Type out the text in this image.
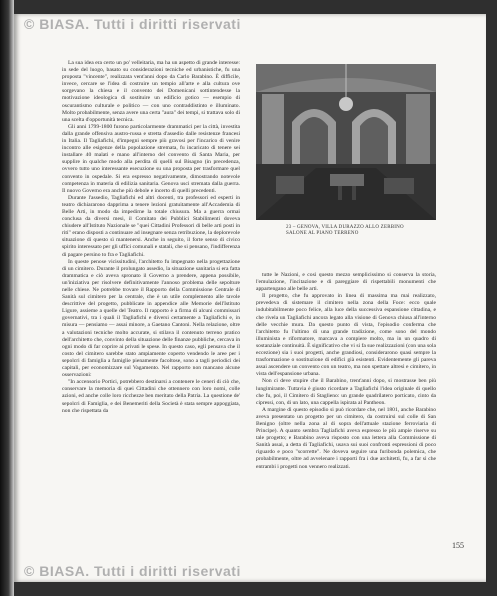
© BIASA. Tutti i diritti riservati

La sua idea era certo un po' velleitaria, ma ha un aspetto di grande interesse: in sede del luogo, basato su considerazioni tecniche ed urbanistiche, fu una proposta "vincente", realizzata vent'anni dopo da Carlo Barabino. È difficile, invece, cercare se l'idea di costruire un tempio all'arte e alla cultura ove sorgevano la chiesa e il convento dei Domenicani sottintendesse la motivazione ideologica di sostituire un edificio gotico — esempio di oscurantismo culturale e politico — con uno contraddistinto e illuminato. Molto probabilmente, senza avere una certa "aura" dei tempi, si trattava solo di una scelta d'opportunità tecnica.

Gli anni 1799-1800 furono particolarmente drammatici per la città, investita dalla grande offensiva austro-russa e stretta d'assedio dalle resistenze francesi in Italia. Il Tagliafichi, d'impegni sempre più gravosi per l'incarico di venire incontro alle esigenze della popolazione stremata, fu incaricato di tenere sei installare 40 malati e mano all'interno del convento di Santa Maria, per supplire in qualche modo alla perdita di quelli sul Bisagno (in precedenza, ovvero tutto uno interessante esecuzione su una proposta per trasformare quel convento in ospedale. Si era espresso negativamente, dimostrando notevole competenza in materia di edilizia sanitaria. Genova usci stremata dalla guerra. Il nuovo Governo era anche più debole e incerto di quelli precedenti.

Durante l'assedio, Tagliafichi ed altri docenti, tra professori ed esperti in teatro dichiararono dapprima a tenere lezioni gratuitamente all'Accademia di Belle Arti, in modo da impedirne la totale chiusura. Ma a guerra ormai conclusa da diversi mesi, il Comitato dei Pubblici Stabilimenti doveva chiudere all'Istituto Nazionale se "quei Cittadini Professori di belle arti posti in riti" erano disposti a continuare ad insegnare senza retribuzione, la deplorevole situazione di questo sì mantenersi. Anche in seguito, il forte senso di civico spirito interessato per gli uffici comunali e statali, che si pensano, l'indifferenza di pagare persino to fra e Tagliafichi.

In queste penose vicissitudini, l'architetto fu impegnato nella progettazione di un cimitero. Durante il prolungato assedio, la situazione sanitaria si era fatta drammatica e ciò aveva spronato il Governo a prendere, appena possibile, un'iniziativa per risolvere definitivamente l'annoso problema delle sepolture nelle chiese. Ne potrebbe trovare il Rapporto della Commissione Centrale di Sanità sul cimitero per la centrale, che è un utile complemento alle tavole descrittive del progetto, pubblicate in appendice alle Memorie dell'Istituto Ligure, assieme a quelle del Teatro. Il rapporto è a firma di alcuni commissari governativi, tra i quali il Tagliafichi e diversi certamente a Tagliafichi e, in misura — pensiamo — assai minore, a Gaetano Cantoni. Nella relazione, oltre a valutazioni tecniche molto accurate, si stilava il contenuto terreno pratico dell'architetto che, convinto della situazione delle finanze pubbliche, cercava in ogni modo di far coprire ai privati le spese. In questo caso, egli pensava che il costo del cimitero sarebbe stato ampiamente coperto vendendo le aree per i sepolcri di famiglia a famiglie pienamente facoltose, sono a tagli periodici dei capitali, per economizzare sul Vagamento. Nel rapporto non mancano alcune osservazioni:

"In accensorio Portici, potrebbero destinarsi a contenere le ceneri di ciò che, conservare la memoria di quei Cittadini che ottennero con loro nomi, colle azioni, ed anche colle loro ricchezze ben meritato della Patria. La questione de' sepolcri di Famiglia, e dei Benemeriti della Società è stata sempre appoggiata, non che rispettata da

23 – GENOVA, VILLA DURAZZO ALLO ZERBINO SALONE AL PIANO TERRENO

tutte le Nazioni, e così questo mezzo semplicissimo si conserva la storia, l'emulazione, l'incitazione e di pareggiare di rispettabili monumenti che appartengano alle belle arti.

Il progetto, che fu approvato in linea di massima ma mai realizzato, prevedeva di sistemare il cimitero nella zona della Foce: ecco quale indubitabilmente poco felice, alla luce della successiva espansione cittadina, e che rivela un Tagliafichi ancora legato alla visione di Genova chiusa all'interno delle vecchie mura. Da questo punto di vista, l'episodio conferma che l'architetto fu l'ultimo di una grande tradizione, come sono del mondo illuminista e riformatore, marcava a compiere molto, ma in un quadro di sostanziale continuità. È significativo che vi si fa sue realizzazioni (con una sola eccezione) sia i suoi progetti, anche grandiosi, considerarono quasi sempre la trasformazione o sostituzione di edifici già esistenti. Evidentemente gli pareva assai ascendere un convento con un teatro, ma non spettare altresì e cimitero, in vista dell'espansione urbana.

Non ci deve stupire che il Barabino, trent'anni dopo, si mostrasse ben più lungimirante. Tuttavia è giusto ricordare a Tagliafichi l'idea originale di quello che fu, poi, il Cimitero di Staglieno: un grande quadrilatero porticato, cinto da cipressi, con, di un lato, una cappella ispirata al Pantheon.

A margine di questo episodio si può ricordare che, nel 1801, anche Barabino aveva presentato un progetto per un cimitero, da costruirsi sul colle di San Benigno (oltre nella zona al di sopra dell'attuale stazione ferroviaria di Principe). A quanto sembra Tagliafichi aveva espresso le più ampie riserve su tale progetto; e Barabino aveva risposto con una lettera alla Commissione di Sanità assai, a detta di Tagliafichi, usava sui suoi confronti espressioni di poco riguardo e poco "scorrette". Ne doveva seguire una furibonda polemica, che probabilmente, oltre ad avvelenare i rapporti fra i due architetti, fu, a far sì che entrambi i progetti non vennero realizzati.

155
© BIASA. Tutti i diritti riservati
